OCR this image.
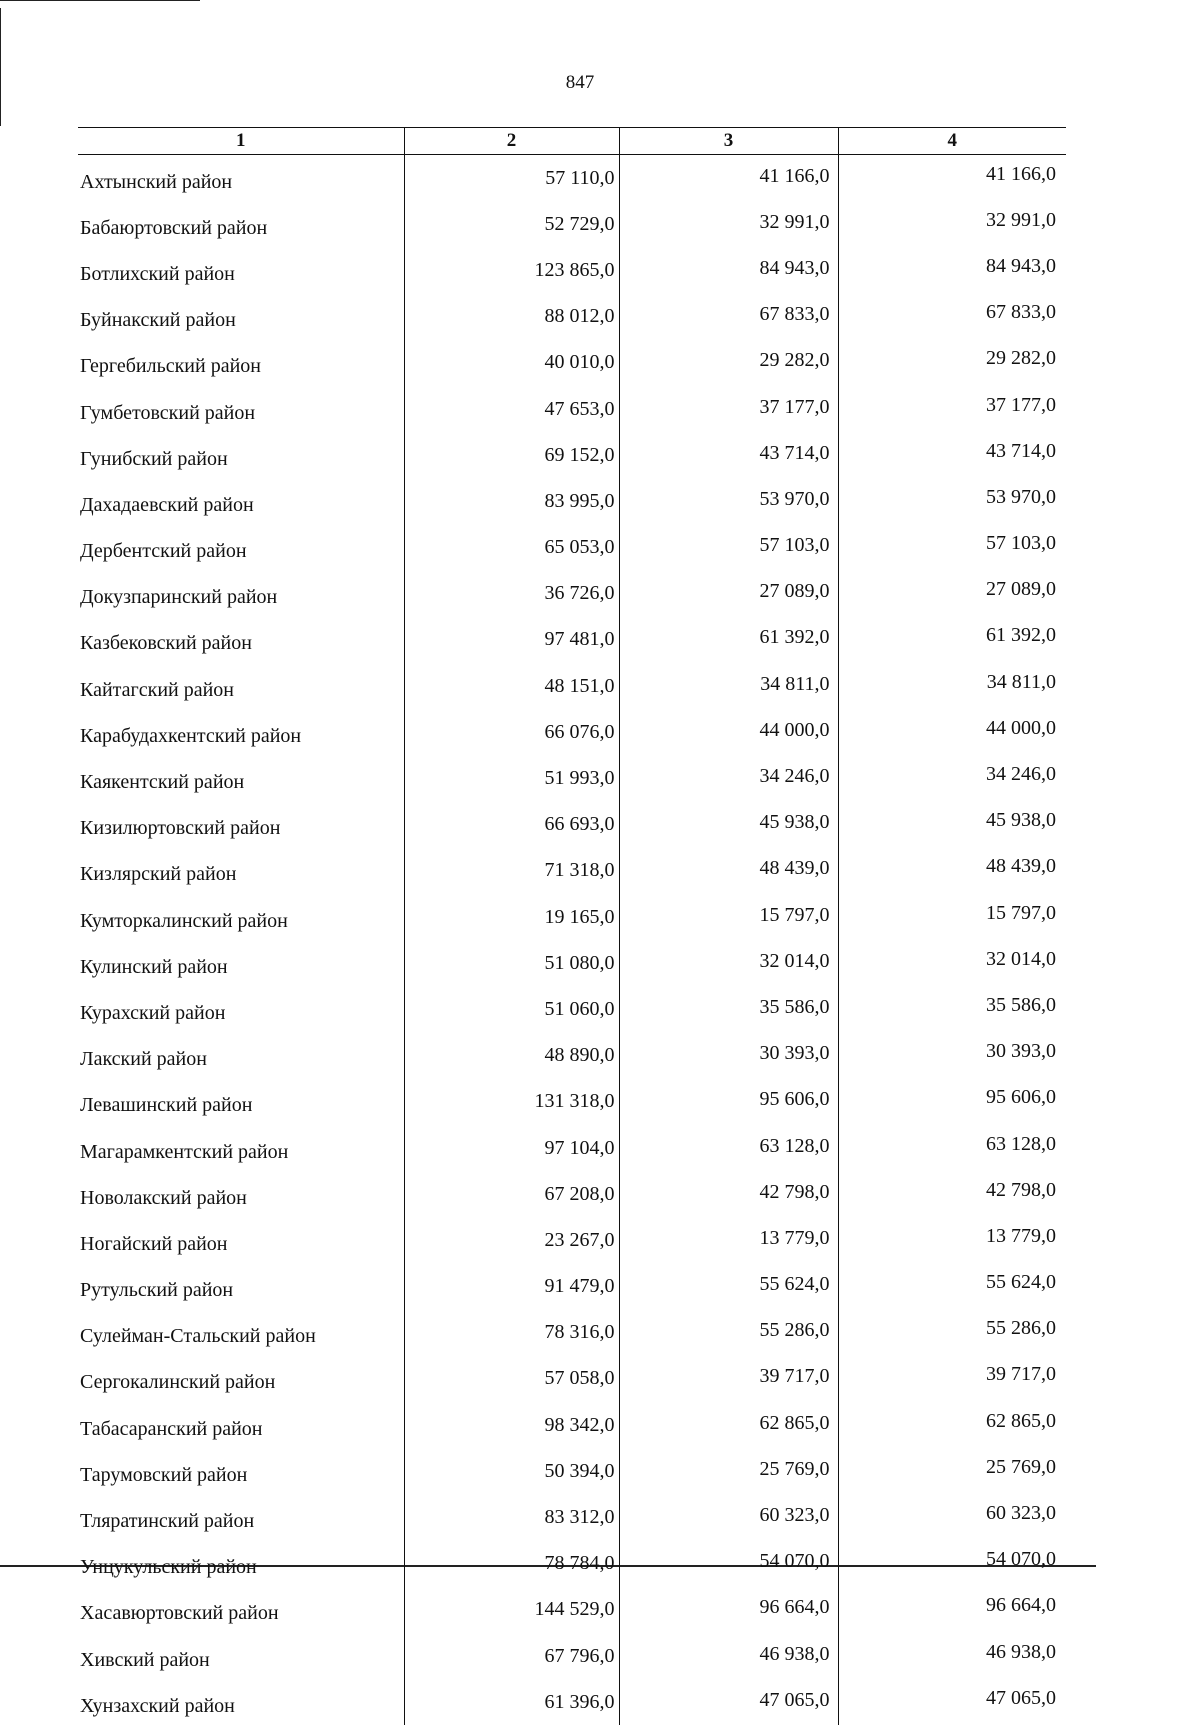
847
1	2	3	4
Ахтынский район	57 110,0	41 166,0	41 166,0
Бабаюртовский район	52 729,0	32 991,0	32 991,0
Ботлихский район	123 865,0	84 943,0	84 943,0
Буйнакский район	88 012,0	67 833,0	67 833,0
Гергебильский район	40 010,0	29 282,0	29 282,0
Гумбетовский район	47 653,0	37 177,0	37 177,0
Гунибский район	69 152,0	43 714,0	43 714,0
Дахадаевский район	83 995,0	53 970,0	53 970,0
Дербентский район	65 053,0	57 103,0	57 103,0
Докузпаринский район	36 726,0	27 089,0	27 089,0
Казбековский район	97 481,0	61 392,0	61 392,0
Кайтагский район	48 151,0	34 811,0	34 811,0
Карабудахкентский район	66 076,0	44 000,0	44 000,0
Каякентский район	51 993,0	34 246,0	34 246,0
Кизилюртовский район	66 693,0	45 938,0	45 938,0
Кизлярский район	71 318,0	48 439,0	48 439,0
Кумторкалинский район	19 165,0	15 797,0	15 797,0
Кулинский район	51 080,0	32 014,0	32 014,0
Курахский район	51 060,0	35 586,0	35 586,0
Лакский район	48 890,0	30 393,0	30 393,0
Левашинский район	131 318,0	95 606,0	95 606,0
Магарамкентский район	97 104,0	63 128,0	63 128,0
Новолакский район	67 208,0	42 798,0	42 798,0
Ногайский район	23 267,0	13 779,0	13 779,0
Рутульский район	91 479,0	55 624,0	55 624,0
Сулейман-Стальский район	78 316,0	55 286,0	55 286,0
Сергокалинский район	57 058,0	39 717,0	39 717,0
Табасаранский район	98 342,0	62 865,0	62 865,0
Тарумовский район	50 394,0	25 769,0	25 769,0
Тляратинский район	83 312,0	60 323,0	60 323,0
Унцукульский район	78 784,0	54 070,0	54 070,0
Хасавюртовский район	144 529,0	96 664,0	96 664,0
Хивский район	67 796,0	46 938,0	46 938,0
Хунзахский район	61 396,0	47 065,0	47 065,0
